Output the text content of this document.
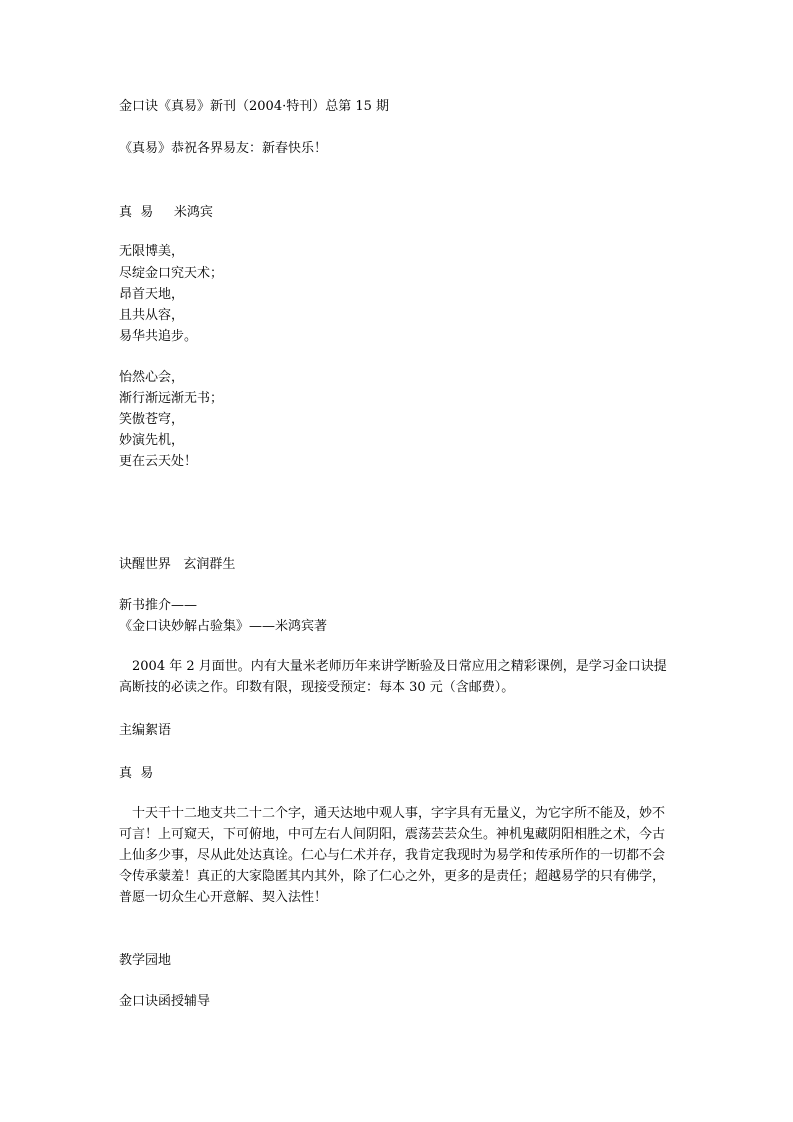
金口诀《真易》新刊（2004·特刊）总第 15 期
《真易》恭祝各界易友：新春快乐！
真  易     米鸿宾
无限博美，
尽绽金口究天术；
昂首天地，
且共从容，
易华共追步。
怡然心会，
渐行渐远渐无书；
笑傲苍穹，
妙演先机，
更在云天处！
诀醒世界   玄润群生
新书推介——
《金口诀妙解占验集》——米鸿宾著

2004 年 2 月面世。内有大量米老师历年来讲学断验及日常应用之精彩课例，是学习金口诀提高断技的必读之作。印数有限，现接受预定：每本 30 元（含邮费）。

主编絮语
真  易

十天干十二地支共二十二个字，通天达地中观人事，字字具有无量义，为它字所不能及，妙不可言！上可窥天，下可俯地，中可左右人间阴阳，震荡芸芸众生。神机鬼藏阴阳相胜之术，今古上仙多少事，尽从此处达真诠。仁心与仁术并存，我肯定我现时为易学和传承所作的一切都不会令传承蒙羞！真正的大家隐匿其内其外，除了仁心之外，更多的是责任；超越易学的只有佛学，普愿一切众生心开意解、契入法性！

教学园地
金口诀函授辅导
